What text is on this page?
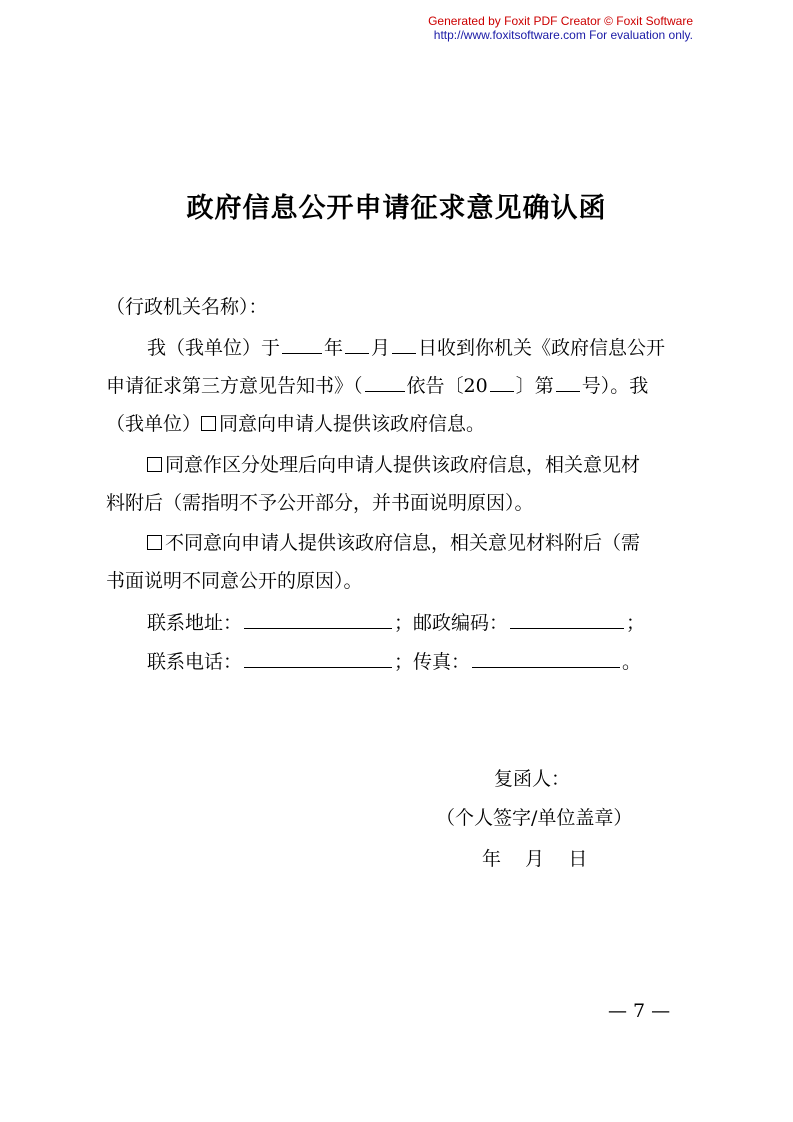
Generated by Foxit PDF Creator © Foxit Software
http://www.foxitsoftware.com For evaluation only.
政府信息公开申请征求意见确认函
（行政机关名称）：
我（我单位）于 年 月 日收到你机关《政府信息公开
申请征求第三方意见告知书》（ 依告〔20 〕第 号）。我
（我单位） 同意向申请人提供该政府信息。
同意作区分处理后向申请人提供该政府信息，相关意见材
料附后（需指明不予公开部分，并书面说明原因）。
不同意向申请人提供该政府信息，相关意见材料附后（需
书面说明不同意公开的原因）。
联系地址：	；邮政编码：	；
联系电话：	；传真：	。
复函人：
（个人签字/单位盖章）
年    月    日
— 7 —
